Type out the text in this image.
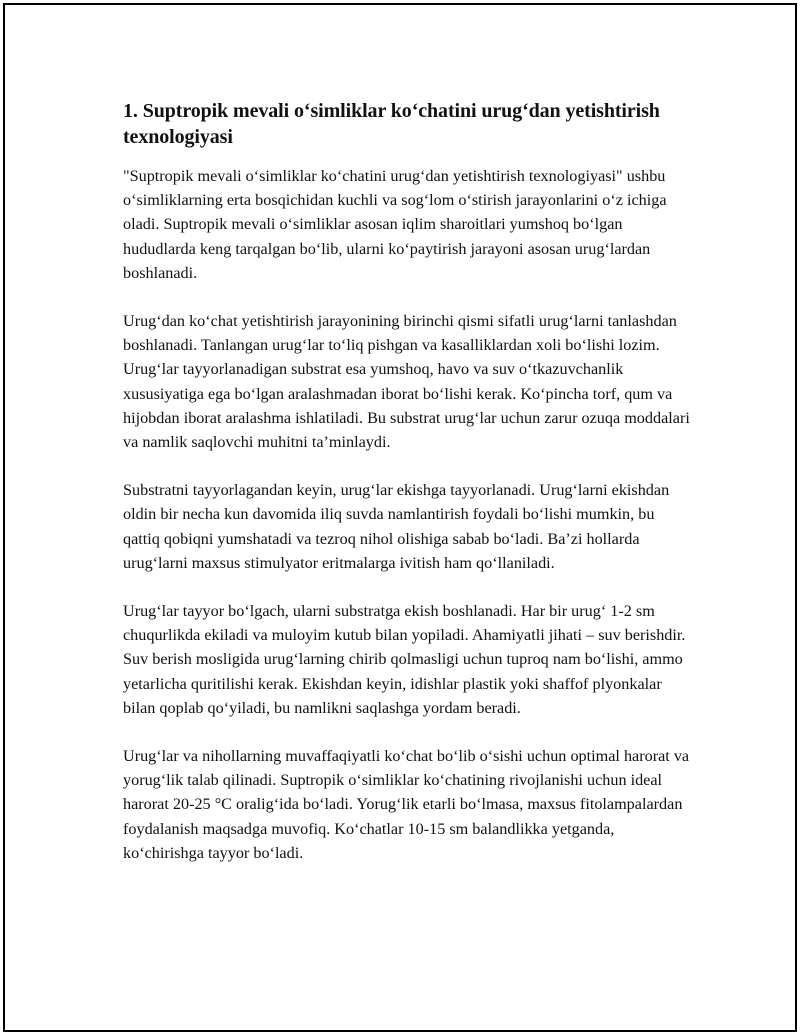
1. Suptropik mevali o‘simliklar ko‘chatini urug‘dan yetishtirish texnologiyasi

"Suptropik mevali o‘simliklar ko‘chatini urug‘dan yetishtirish texnologiyasi" ushbu o‘simliklarning erta bosqichidan kuchli va sog‘lom o‘stirish jarayonlarini o‘z ichiga oladi. Suptropik mevali o‘simliklar asosan iqlim sharoitlari yumshoq bo‘lgan hududlarda keng tarqalgan bo‘lib, ularni ko‘paytirish jarayoni asosan urug‘lardan boshlanadi.

Urug‘dan ko‘chat yetishtirish jarayonining birinchi qismi sifatli urug‘larni tanlashdan boshlanadi. Tanlangan urug‘lar to‘liq pishgan va kasalliklardan xoli bo‘lishi lozim. Urug‘lar tayyorlanadigan substrat esa yumshoq, havo va suv o‘tkazuvchanlik xususiyatiga ega bo‘lgan aralashmadan iborat bo‘lishi kerak. Ko‘pincha torf, qum va hijobdan iborat aralashma ishlatiladi. Bu substrat urug‘lar uchun zarur ozuqa moddalari va namlik saqlovchi muhitni ta’minlaydi.

Substratni tayyorlagandan keyin, urug‘lar ekishga tayyorlanadi. Urug‘larni ekishdan oldin bir necha kun davomida iliq suvda namlantirish foydali bo‘lishi mumkin, bu qattiq qobiqni yumshatadi va tezroq nihol olishiga sabab bo‘ladi. Ba’zi hollarda urug‘larni maxsus stimulyator eritmalarga ivitish ham qo‘llaniladi.

Urug‘lar tayyor bo‘lgach, ularni substratga ekish boshlanadi. Har bir urug‘ 1-2 sm chuqurlikda ekiladi va muloyim kutub bilan yopiladi. Ahamiyatli jihati – suv berishdir. Suv berish mosligida urug‘larning chirib qolmasligi uchun tuproq nam bo‘lishi, ammo yetarlicha quritilishi kerak. Ekishdan keyin, idishlar plastik yoki shaffof plyonkalar bilan qoplab qo‘yiladi, bu namlikni saqlashga yordam beradi.

Urug‘lar va nihollarning muvaffaqiyatli ko‘chat bo‘lib o‘sishi uchun optimal harorat va yorug‘lik talab qilinadi. Suptropik o‘simliklar ko‘chatining rivojlanishi uchun ideal harorat 20-25 °C oralig‘ida bo‘ladi. Yorug‘lik etarli bo‘lmasa, maxsus fitolampalardan foydalanish maqsadga muvofiq. Ko‘chatlar 10-15 sm balandlikka yetganda, ko‘chirishga tayyor bo‘ladi.
